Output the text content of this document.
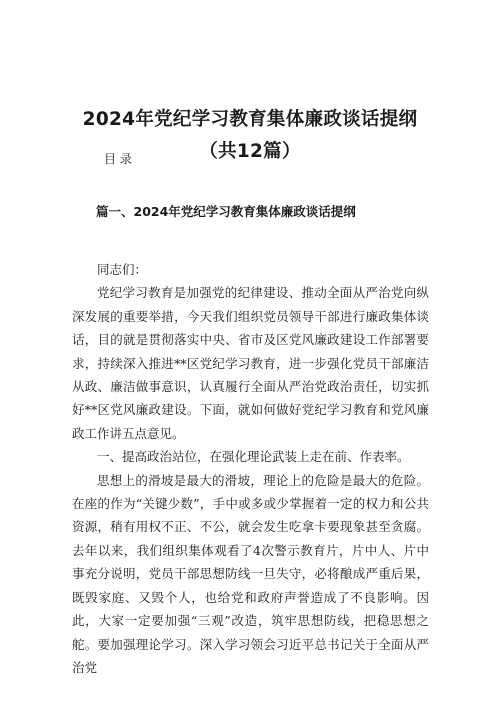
2024年党纪学习教育集体廉政谈话提纲（共12篇）
目录
篇一、2024年党纪学习教育集体廉政谈话提纲

同志们：

党纪学习教育是加强党的纪律建设、推动全面从严治党向纵深发展的重要举措，今天我们组织党员领导干部进行廉政集体谈话，目的就是贯彻落实中央、省市及区党风廉政建设工作部署要求，持续深入推进**区党纪学习教育，进一步强化党员干部廉洁从政、廉洁做事意识，认真履行全面从严治党政治责任，切实抓好**区党风廉政建设。下面，就如何做好党纪学习教育和党风廉政工作讲五点意见。

一、提高政治站位，在强化理论武装上走在前、作表率。

思想上的滑坡是最大的滑坡，理论上的危险是最大的危险。在座的作为“关键少数”，手中或多或少掌握着一定的权力和公共资源，稍有用权不正、不公，就会发生吃拿卡要现象甚至贪腐。去年以来，我们组织集体观看了4次警示教育片，片中人、片中事充分说明，党员干部思想防线一旦失守，必将酿成严重后果，既毁家庭、又毁个人，也给党和政府声誉造成了不良影响。因此，大家一定要加强“三观”改造，筑牢思想防线，把稳思想之舵。要加强理论学习。深入学习领会习近平总书记关于全面从严治党
